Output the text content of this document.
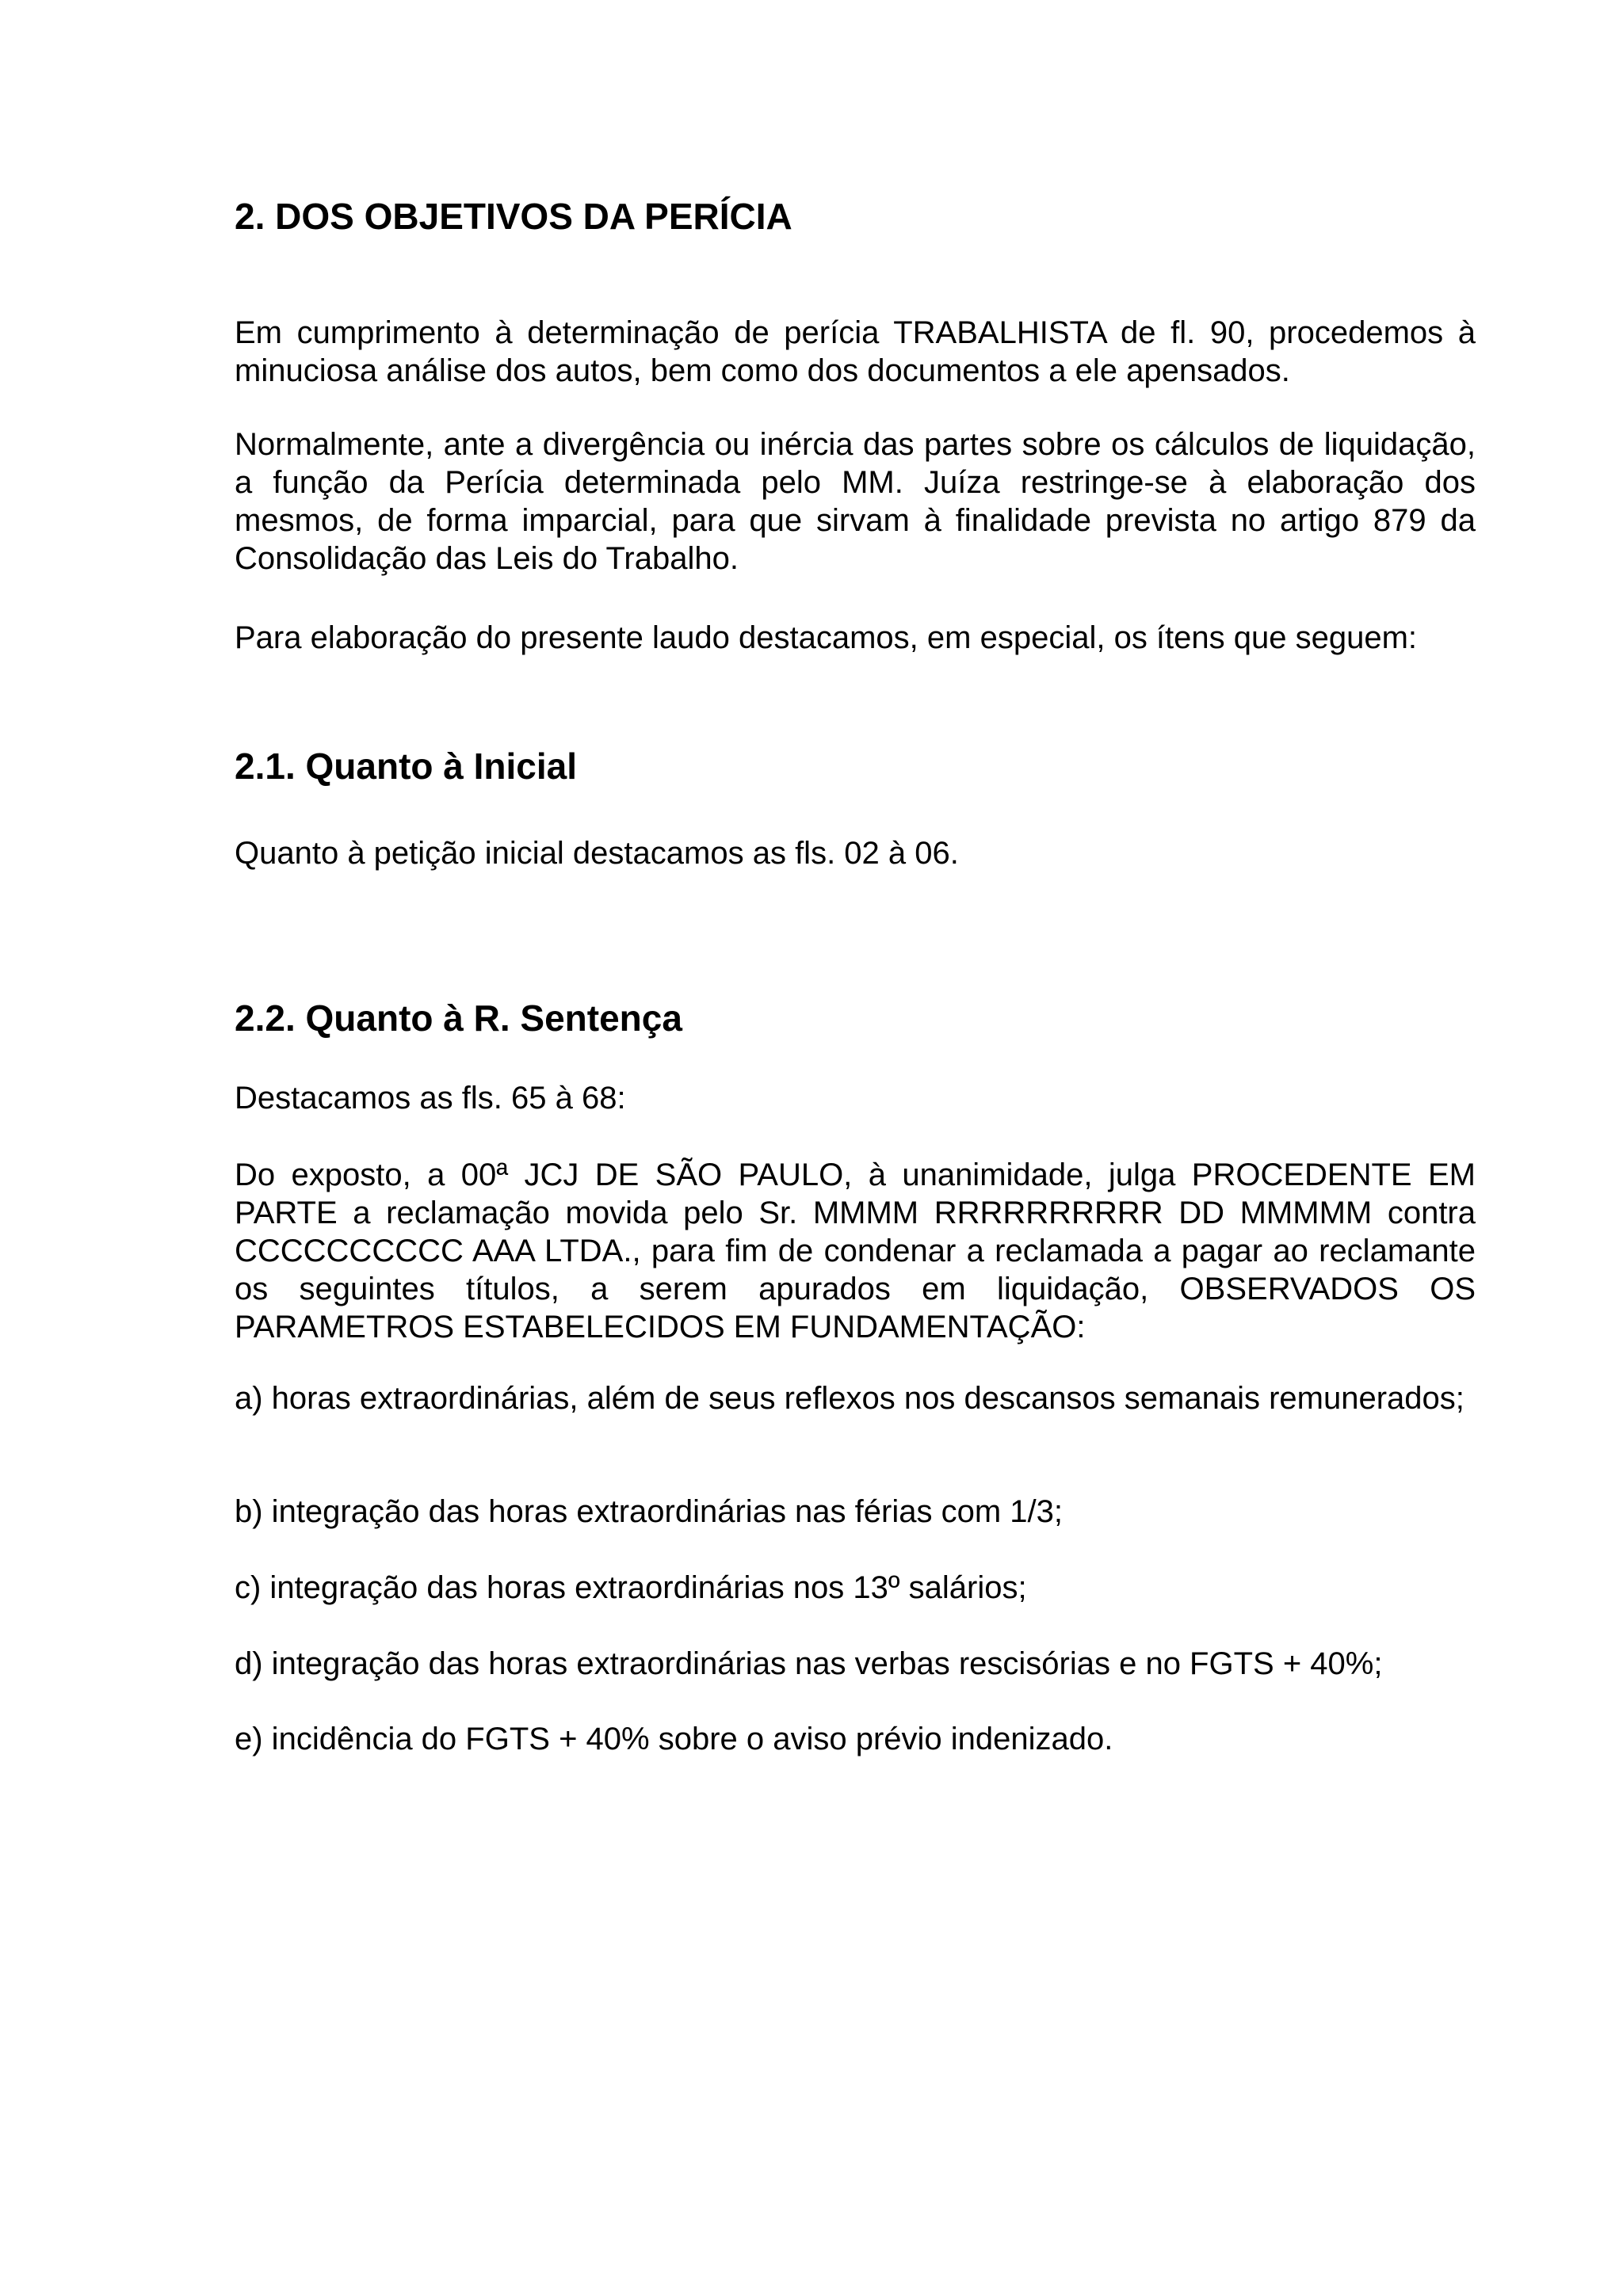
2. DOS OBJETIVOS DA PERÍCIA

Em cumprimento à determinação de perícia TRABALHISTA de fl. 90, procedemos à minuciosa análise dos autos, bem como dos documentos a ele apensados.

Normalmente, ante a divergência ou inércia das partes sobre os cálculos de liquidação, a função da Perícia determinada pelo MM. Juíza restringe-se à elaboração dos mesmos, de forma imparcial, para que sirvam à finalidade prevista no artigo 879 da Consolidação das Leis do Trabalho.

Para elaboração do presente laudo destacamos, em especial, os ítens que seguem:

2.1. Quanto à Inicial

Quanto à petição inicial destacamos as fls. 02 à 06.

2.2. Quanto à R. Sentença

Destacamos as fls. 65 à 68:

Do exposto, a 00ª JCJ DE SÃO PAULO, à unanimidade, julga PROCEDENTE EM PARTE a reclamação movida pelo Sr. MMMM RRRRRRRRRR DD MMMMM contra CCCCCCCCCC AAA LTDA., para fim de condenar a reclamada a pagar ao reclamante os seguintes títulos, a serem apurados em liquidação, OBSERVADOS OS PARAMETROS ESTABELECIDOS EM FUNDAMENTAÇÃO:

a) horas extraordinárias, além de seus reflexos nos descansos semanais remunerados;

b) integração das horas extraordinárias nas férias com 1/3;

c) integração das horas extraordinárias nos 13º salários;

d) integração das horas extraordinárias nas verbas rescisórias e no FGTS + 40%;

e) incidência do FGTS + 40% sobre o aviso prévio indenizado.
